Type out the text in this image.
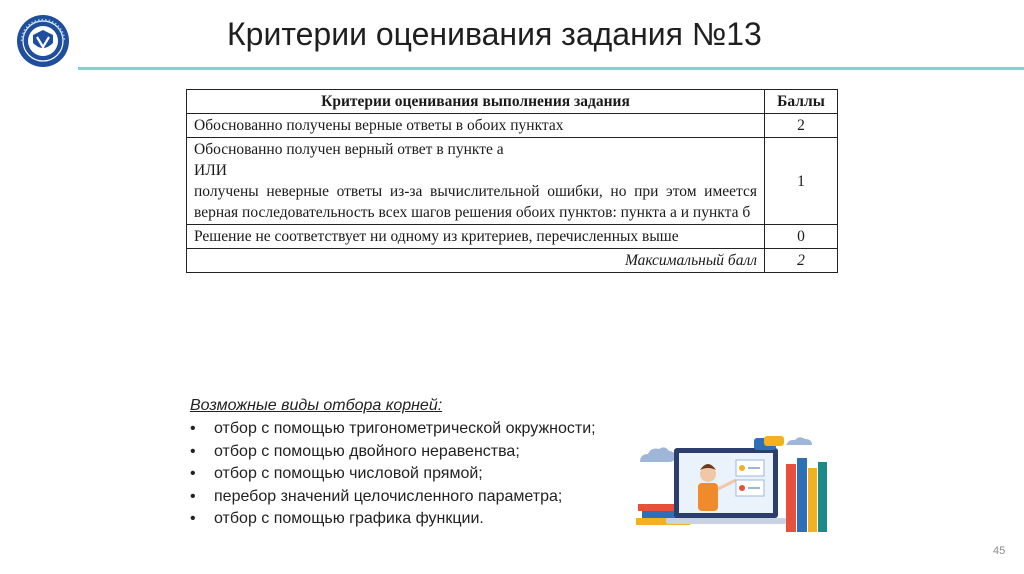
Критерии оценивания задания №13
Критерии оценивания выполнения задания	Баллы
Обоснованно получены верные ответы в обоих пунктах	2

Обоснованно получен верный ответ в пункте а
ИЛИ
получены неверные ответы из-за вычислительной ошибки, но при этом имеется верная последовательность всех шагов решения обоих пунктов: пункта а и пункта б	1

Решение не соответствует ни одному из критериев, перечисленных выше	0
Максимальный балл	2
Возможные виды отбора корней:
• отбор с помощью тригонометрической окружности;
• отбор с помощью двойного неравенства;
• отбор с помощью числовой прямой;
• перебор значений целочисленного параметра;
• отбор с помощью графика функции.
45
